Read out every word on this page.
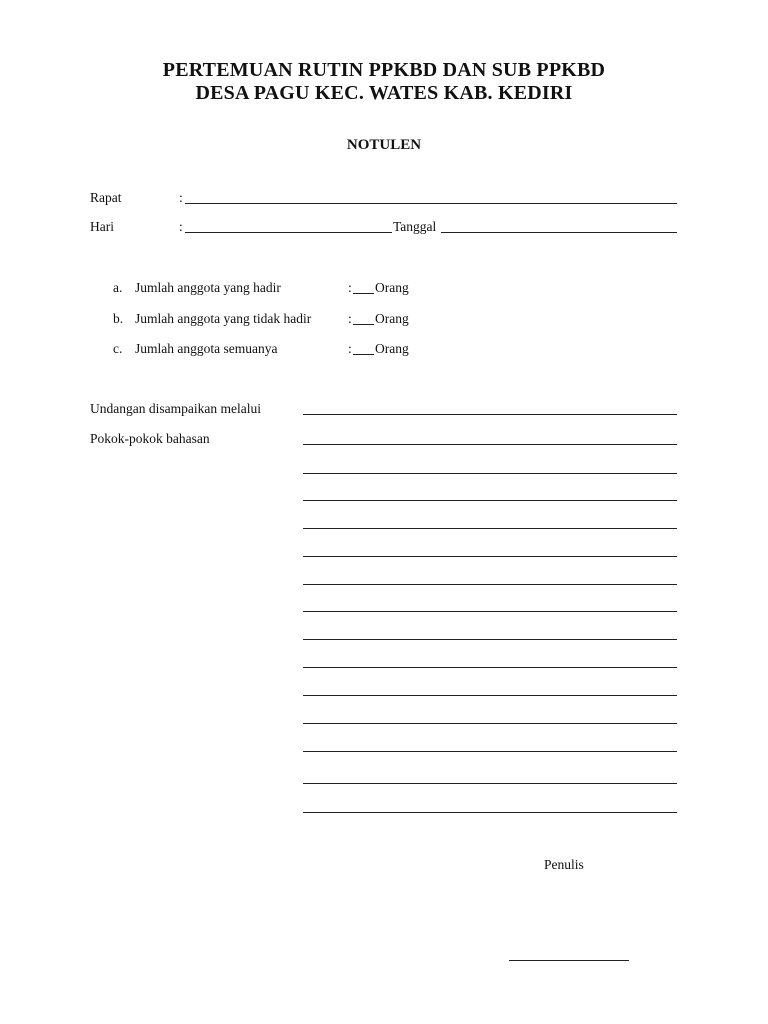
PERTEMUAN RUTIN PPKBD DAN SUB PPKBD
DESA PAGU KEC. WATES KAB. KEDIRI
NOTULEN
Rapat	:
Hari	:	Tanggal
a. Jumlah anggota yang hadir	: Orang
b. Jumlah anggota yang tidak hadir	: Orang
c. Jumlah anggota semuanya	: Orang
Undangan disampaikan melalui
Pokok-pokok bahasan
Penulis
